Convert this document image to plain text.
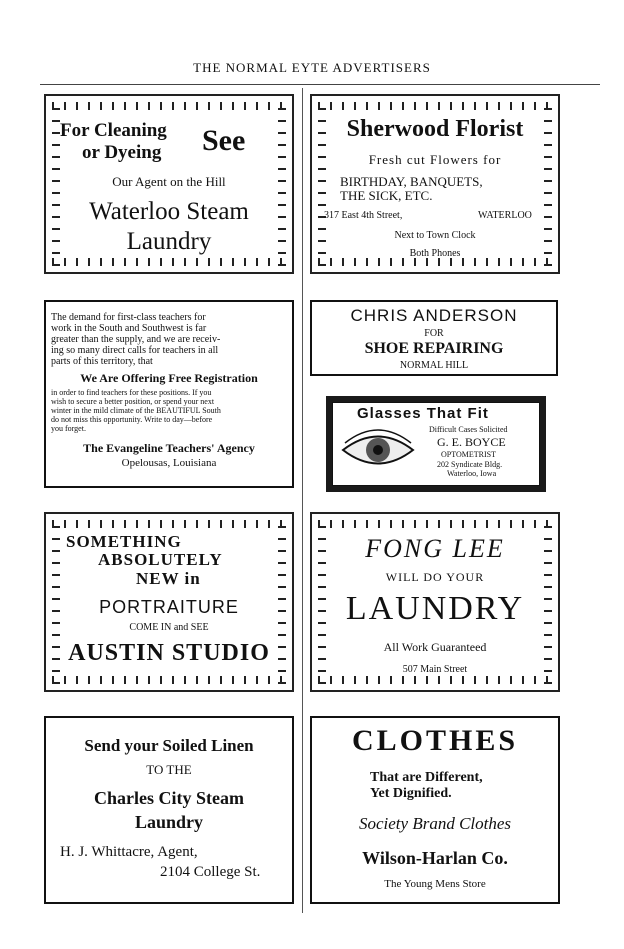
THE NORMAL EYTE ADVERTISERS
For Cleaning
or Dyeing See
Our Agent on the Hill
Waterloo Steam
Laundry
Sherwood Florist
Fresh cut Flowers for
BIRTHDAY, BANQUETS,
THE SICK, ETC.
317 East 4th Street,	WATERLOO
Next to Town Clock
Both Phones
The demand for first-class teachers for
work in the South and Southwest is far
greater than the supply, and we are receiv-
ing so many direct calls for teachers in all
parts of this territory, that
We Are Offering Free Registration
in order to find teachers for these positions. If you
wish to secure a better position, or spend your next
winter in the mild climate of the BEAUTIFUL South
do not miss this opportunity. Write to day—before
you forget.
The Evangeline Teachers' Agency
Opelousas, Louisiana
CHRIS ANDERSON
FOR
SHOE REPAIRING
NORMAL HILL
Glasses That Fit
Difficult Cases Solicited
G. E. BOYCE
OPTOMETRIST
202 Syndicate Bldg.
Waterloo, Iowa
SOMETHING
ABSOLUTELY
NEW in
PORTRAITURE
COME IN and SEE
AUSTIN STUDIO
FONG LEE
WILL DO YOUR
LAUNDRY
All Work Guaranteed
507 Main Street
Send your Soiled Linen
TO THE
Charles City Steam
Laundry
H. J. Whittacre, Agent,
2104 College St.
CLOTHES
That are Different,
Yet Dignified.
Society Brand Clothes
Wilson-Harlan Co.
The Young Mens Store
